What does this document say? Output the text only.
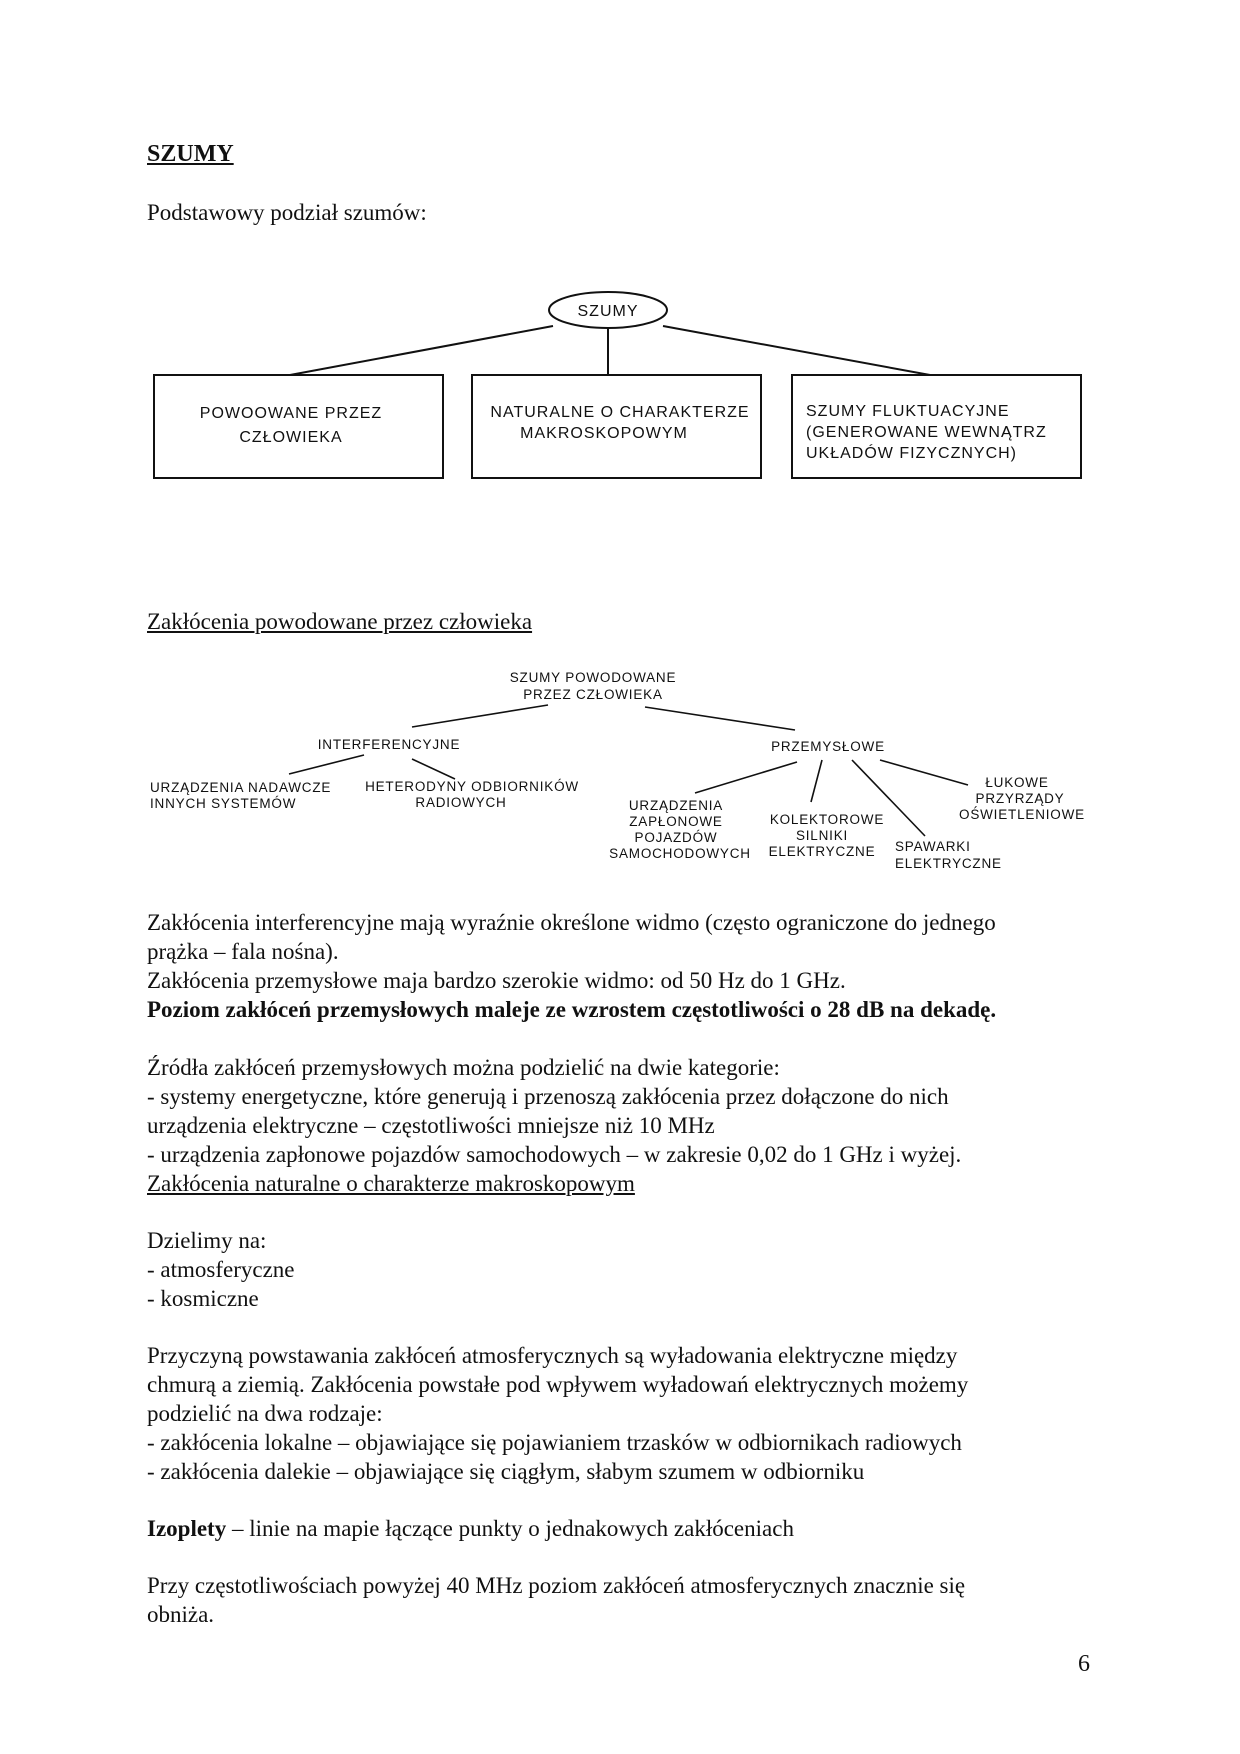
SZUMY
Podstawowy podział szumów:
SZUMY
POWOOWANE PRZEZ
CZŁOWIEKA
NATURALNE O CHARAKTERZE
MAKROSKOPOWYM
SZUMY FLUKTUACYJNE
(GENEROWANE WEWNĄTRZ
UKŁADÓW FIZYCZNYCH)
Zakłócenia powodowane przez człowieka
SZUMY POWODOWANE
PRZEZ CZŁOWIEKA
INTERFERENCYJNE	PRZEMYSŁOWE
HETERODYNY ODBIORNIKÓW
RADIOWYCH	URZĄDZENIA
ZAPŁONOWE
POJAZDÓW
SAMOCHODOWYCH
KOLEKTOROWE
SILNIKI
ELEKTRYCZNE
ŁUKOWE
PRZYRZĄDY
OŚWIETLENIOWE
URZĄDZENIA NADAWCZE
INNYCH SYSTEMÓW
SPAWARKI
ELEKTRYCZNE
Zakłócenia interferencyjne mają wyraźnie określone widmo (często ograniczone do jednego
prążka – fala nośna).
Zakłócenia przemysłowe maja bardzo szerokie widmo: od 50 Hz do 1 GHz.
Poziom zakłóceń przemysłowych maleje ze wzrostem częstotliwości o 28 dB na dekadę.
Źródła zakłóceń przemysłowych można podzielić na dwie kategorie:
- systemy energetyczne, które generują i przenoszą zakłócenia przez dołączone do nich
urządzenia elektryczne – częstotliwości mniejsze niż 10 MHz
- urządzenia zapłonowe pojazdów samochodowych – w zakresie 0,02 do 1 GHz i wyżej.
Zakłócenia naturalne o charakterze makroskopowym
Dzielimy na:
- atmosferyczne
- kosmiczne
Przyczyną powstawania zakłóceń atmosferycznych są wyładowania elektryczne między
chmurą a ziemią. Zakłócenia powstałe pod wpływem wyładowań elektrycznych możemy
podzielić na dwa rodzaje:
- zakłócenia lokalne – objawiające się pojawianiem trzasków w odbiornikach radiowych
- zakłócenia dalekie – objawiające się ciągłym, słabym szumem w odbiorniku
Izoplety – linie na mapie łączące punkty o jednakowych zakłóceniach
Przy częstotliwościach powyżej 40 MHz poziom zakłóceń atmosferycznych znacznie się
obniża.
6
